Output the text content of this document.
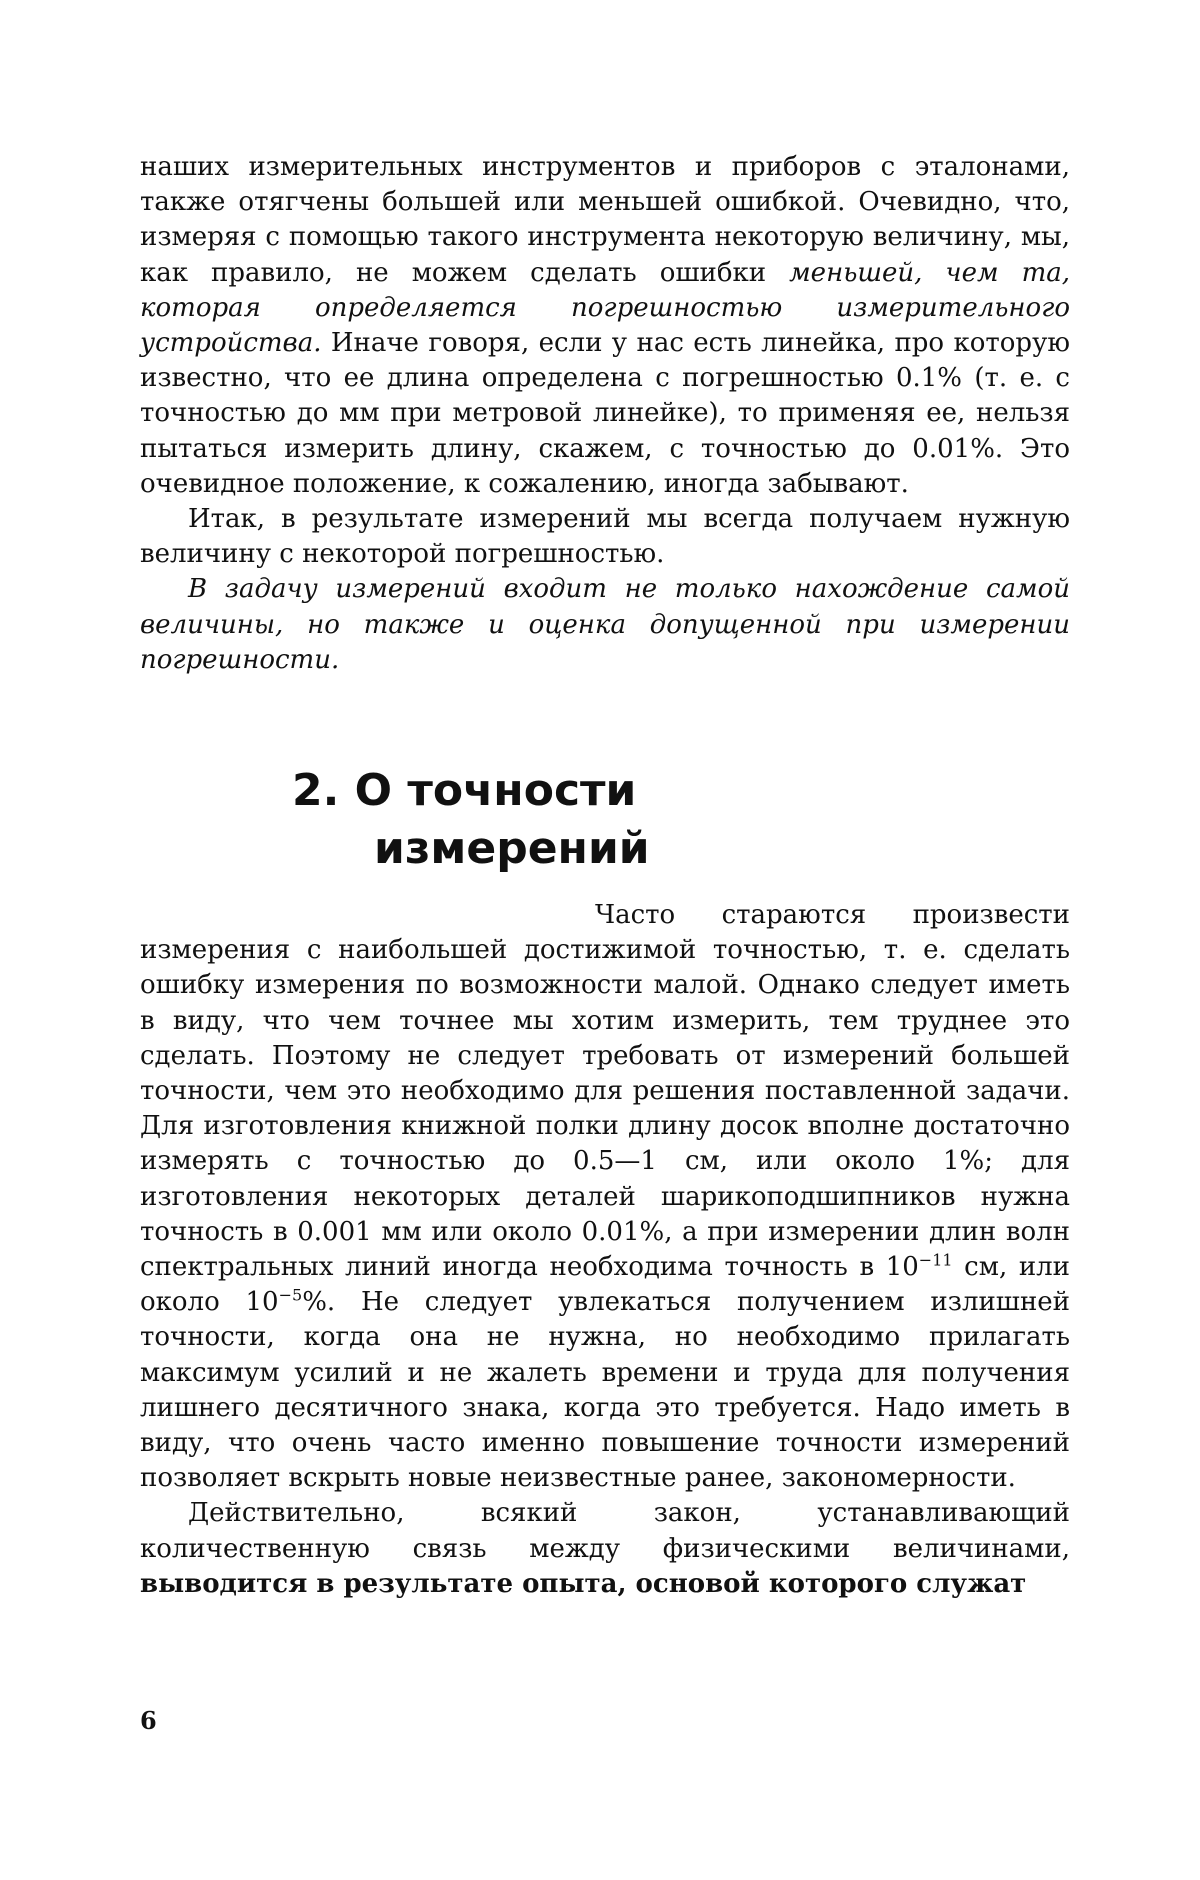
наших измерительных инструментов и приборов с эталонами, также отягчены большей или меньшей ошибкой. Очевидно, что, измеряя с помощью такого инструмента некоторую величину, мы, как правило, не можем сделать ошибки меньшей, чем та, которая определяется погрешностью измерительного устройства. Иначе говоря, если у нас есть линейка, про которую известно, что ее длина определена с погрешностью 0.1% (т. е. с точностью до мм при метровой линейке), то применяя ее, нельзя пытаться измерить длину, скажем, с точностью до 0.01%. Это очевидное положение, к сожалению, иногда забывают.

Итак, в результате измерений мы всегда получаем нужную величину с некоторой погрешностью.

В задачу измерений входит не только нахождение самой величины, но также и оценка допущенной при измерении погрешности.

2. О точности
измерений

Часто стараются произвести измерения с наибольшей достижимой точностью, т. е. сделать ошибку измерения по возможности малой. Однако следует иметь в виду, что чем точнее мы хотим измерить, тем труднее это сделать. Поэтому не следует требовать от измерений большей точности, чем это необходимо для решения поставленной задачи. Для изготовления книжной полки длину досок вполне достаточно измерять с точностью до 0.5—1 см, или около 1%; для изготовления некоторых деталей шарикоподшипников нужна точность в 0.001 мм или около 0.01%, а при измерении длин волн спектральных линий иногда необходима точность в $10^{-11}$ см, или около $10^{-5}\%$. Не следует увлекаться получением излишней точности, когда она не нужна, но необходимо прилагать максимум усилий и не жалеть времени и труда для получения лишнего десятичного знака, когда это требуется. Надо иметь в виду, что очень часто именно повышение точности измерений позволяет вскрыть новые неизвестные ранее, закономерности.

Действительно, всякий закон, устанавливающий количественную связь между физическими величинами, выводится в результате опыта, основой которого служат

6
